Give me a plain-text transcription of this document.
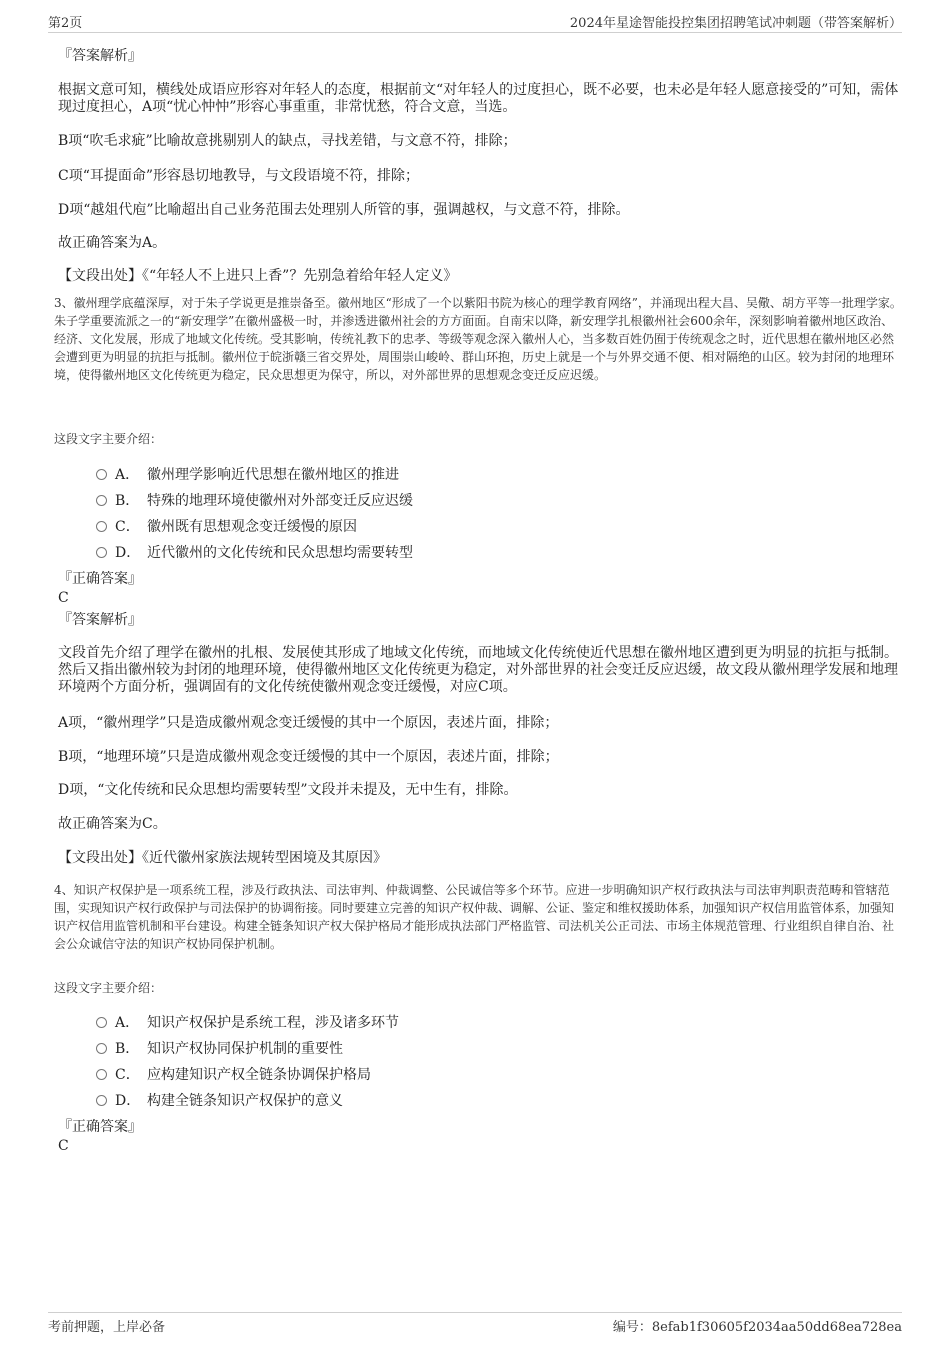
第2页	2024年星途智能投控集团招聘笔试冲刺题（带答案解析）
『答案解析』
根据文意可知，横线处成语应形容对年轻人的态度，根据前文“对年轻人的过度担心，既不必要，也未必是年轻人愿意接受的”可知，需体现过度担心，A项“忧心忡忡”形容心事重重，非常忧愁，符合文意，当选。
B项“吹毛求疵”比喻故意挑剔别人的缺点，寻找差错，与文意不符，排除；
C项“耳提面命”形容恳切地教导，与文段语境不符，排除；
D项“越俎代庖”比喻超出自己业务范围去处理别人所管的事，强调越权，与文意不符，排除。
故正确答案为A。
【文段出处】《“年轻人不上进只上香”？先别急着给年轻人定义》
3、徽州理学底蕴深厚，对于朱子学说更是推崇备至。徽州地区“形成了一个以紫阳书院为核心的理学教育网络”，并涌现出程大昌、吴儆、胡方平等一批理学家。朱子学重要流派之一的“新安理学”在徽州盛极一时，并渗透进徽州社会的方方面面。自南宋以降，新安理学扎根徽州社会600余年，深刻影响着徽州地区政治、经济、文化发展，形成了地域文化传统。受其影响，传统礼教下的忠孝、等级等观念深入徽州人心，当多数百姓仍囿于传统观念之时，近代思想在徽州地区必然会遭到更为明显的抗拒与抵制。徽州位于皖浙赣三省交界处，周围崇山峻岭、群山环抱，历史上就是一个与外界交通不便、相对隔绝的山区。较为封闭的地理环境，使得徽州地区文化传统更为稳定，民众思想更为保守，所以，对外部世界的思想观念变迁反应迟缓。
这段文字主要介绍：
A． 徽州理学影响近代思想在徽州地区的推进
B． 特殊的地理环境使徽州对外部变迁反应迟缓
C． 徽州既有思想观念变迁缓慢的原因
D． 近代徽州的文化传统和民众思想均需要转型
『正确答案』
C
『答案解析』
文段首先介绍了理学在徽州的扎根、发展使其形成了地域文化传统，而地域文化传统使近代思想在徽州地区遭到更为明显的抗拒与抵制。然后又指出徽州较为封闭的地理环境，使得徽州地区文化传统更为稳定，对外部世界的社会变迁反应迟缓，故文段从徽州理学发展和地理环境两个方面分析，强调固有的文化传统使徽州观念变迁缓慢，对应C项。
A项，“徽州理学”只是造成徽州观念变迁缓慢的其中一个原因，表述片面，排除；
B项，“地理环境”只是造成徽州观念变迁缓慢的其中一个原因，表述片面，排除；
D项，“文化传统和民众思想均需要转型”文段并未提及，无中生有，排除。
故正确答案为C。
【文段出处】《近代徽州家族法规转型困境及其原因》
4、知识产权保护是一项系统工程，涉及行政执法、司法审判、仲裁调整、公民诚信等多个环节。应进一步明确知识产权行政执法与司法审判职责范畴和管辖范围，实现知识产权行政保护与司法保护的协调衔接。同时要建立完善的知识产权仲裁、调解、公证、鉴定和维权援助体系，加强知识产权信用监管体系，加强知识产权信用监管机制和平台建设。构建全链条知识产权大保护格局才能形成执法部门严格监管、司法机关公正司法、市场主体规范管理、行业组织自律自治、社会公众诚信守法的知识产权协同保护机制。
这段文字主要介绍：
A． 知识产权保护是系统工程，涉及诸多环节
B． 知识产权协同保护机制的重要性
C． 应构建知识产权全链条协调保护格局
D． 构建全链条知识产权保护的意义
『正确答案』
C
考前押题，上岸必备	编号：8efab1f30605f2034aa50dd68ea728ea
